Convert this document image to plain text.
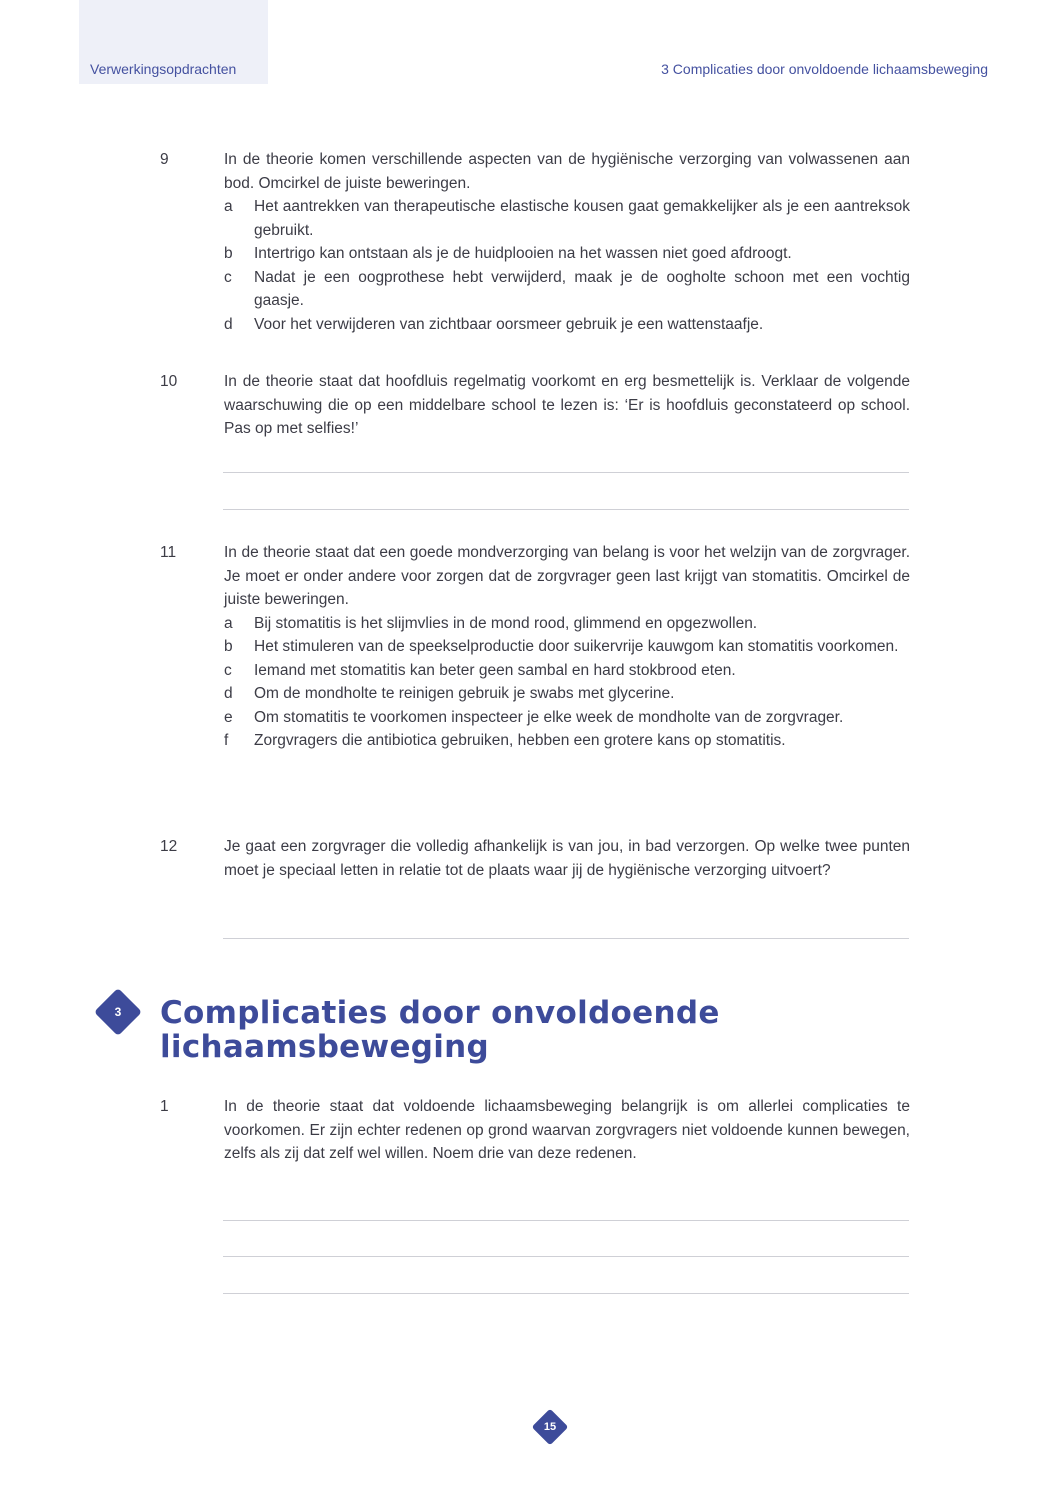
Verwerkingsopdrachten	3 Complicaties door onvoldoende lichaamsbeweging
9	In de theorie komen verschillende aspecten van de hygiënische verzorging van volwassenen aan bod. Omcirkel de juiste beweringen.
a Het aantrekken van therapeutische elastische kousen gaat gemakkelijker als je een aantreksok gebruikt.
b Intertrigo kan ontstaan als je de huidplooien na het wassen niet goed afdroogt.
c Nadat je een oogprothese hebt verwijderd, maak je de oogholte schoon met een vochtig gaasje.
d Voor het verwijderen van zichtbaar oorsmeer gebruik je een wattenstaafje.
10	In de theorie staat dat hoofdluis regelmatig voorkomt en erg besmettelijk is. Verklaar de volgende waarschuwing die op een middelbare school te lezen is: ‘Er is hoofdluis geconstateerd op school. Pas op met selfies!’
11	In de theorie staat dat een goede mondverzorging van belang is voor het welzijn van de zorgvrager. Je moet er onder andere voor zorgen dat de zorgvrager geen last krijgt van stomatitis. Omcirkel de juiste beweringen.
a Bij stomatitis is het slijmvlies in de mond rood, glimmend en opgezwollen.
b Het stimuleren van de speekselproductie door suikervrije kauwgom kan stomatitis voorkomen.
c Iemand met stomatitis kan beter geen sambal en hard stokbrood eten.
d Om de mondholte te reinigen gebruik je swabs met glycerine.
e Om stomatitis te voorkomen inspecteer je elke week de mondholte van de zorgvrager.
f Zorgvragers die antibiotica gebruiken, hebben een grotere kans op stomatitis.
12	Je gaat een zorgvrager die volledig afhankelijk is van jou, in bad verzorgen. Op welke twee punten moet je speciaal letten in relatie tot de plaats waar jij de hygiënische verzorging uitvoert?
3	Complicaties door onvoldoende lichaamsbeweging
1	In de theorie staat dat voldoende lichaamsbeweging belangrijk is om allerlei complicaties te voorkomen. Er zijn echter redenen op grond waarvan zorgvragers niet voldoende kunnen bewegen, zelfs als zij dat zelf wel willen. Noem drie van deze redenen.
15
